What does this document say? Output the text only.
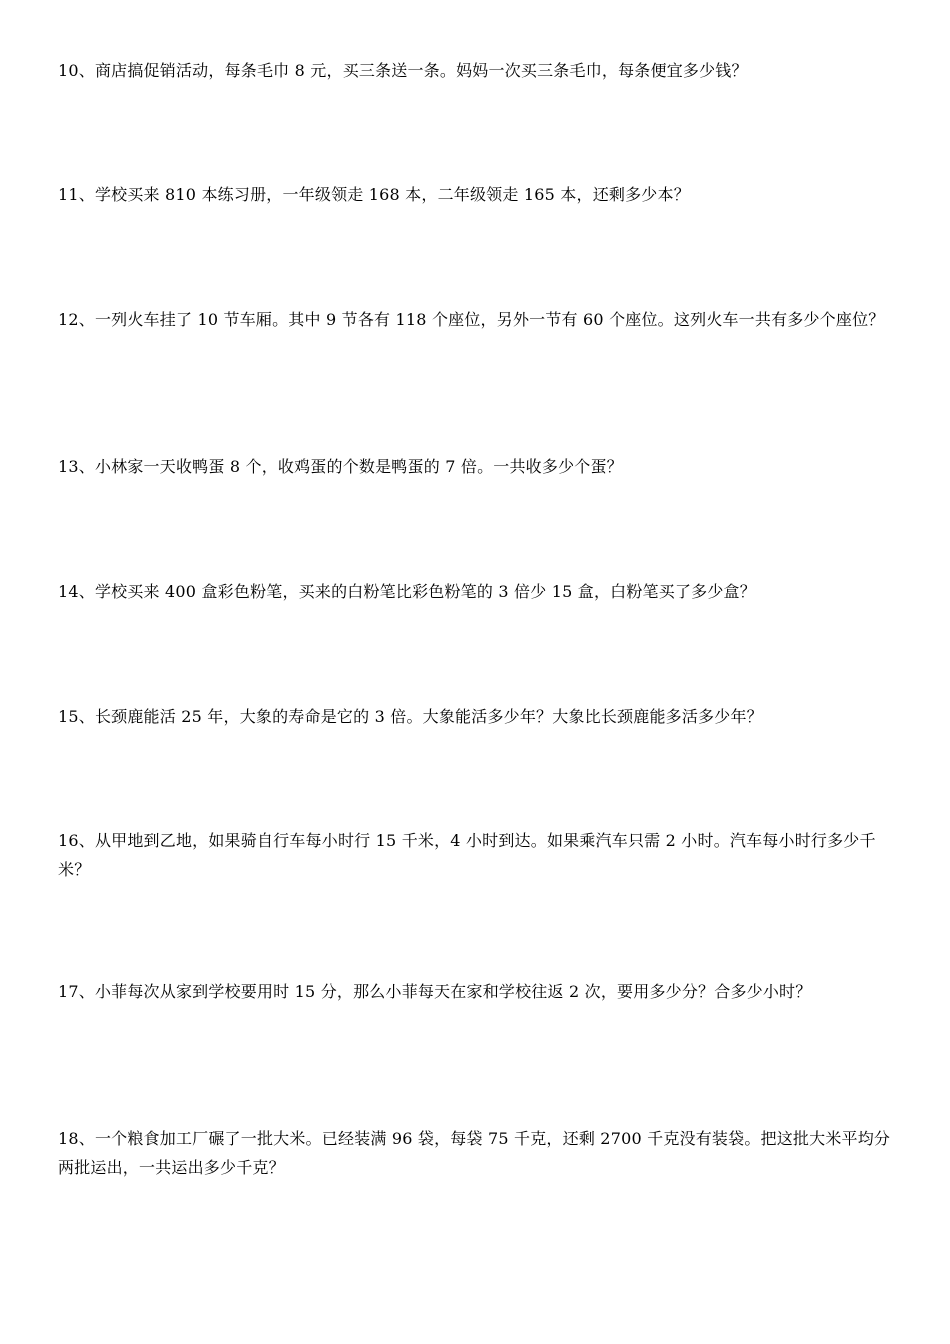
10、商店搞促销活动，每条毛巾 8 元，买三条送一条。妈妈一次买三条毛巾，每条便宜多少钱？
11、学校买来 810 本练习册，一年级领走 168 本，二年级领走 165 本，还剩多少本？
12、一列火车挂了 10 节车厢。其中 9 节各有 118 个座位，另外一节有 60 个座位。这列火车一共有多少个座位？
13、小林家一天收鸭蛋 8 个，收鸡蛋的个数是鸭蛋的 7 倍。一共收多少个蛋？
14、学校买来 400 盒彩色粉笔，买来的白粉笔比彩色粉笔的 3 倍少 15 盒，白粉笔买了多少盒？
15、长颈鹿能活 25 年，大象的寿命是它的 3 倍。大象能活多少年？大象比长颈鹿能多活多少年？
16、从甲地到乙地，如果骑自行车每小时行 15 千米，4 小时到达。如果乘汽车只需 2 小时。汽车每小时行多少千米？
17、小菲每次从家到学校要用时 15 分，那么小菲每天在家和学校往返 2 次，要用多少分？合多少小时？
18、一个粮食加工厂碾了一批大米。已经装满 96 袋，每袋 75 千克，还剩 2700 千克没有装袋。把这批大米平均分两批运出，一共运出多少千克？
